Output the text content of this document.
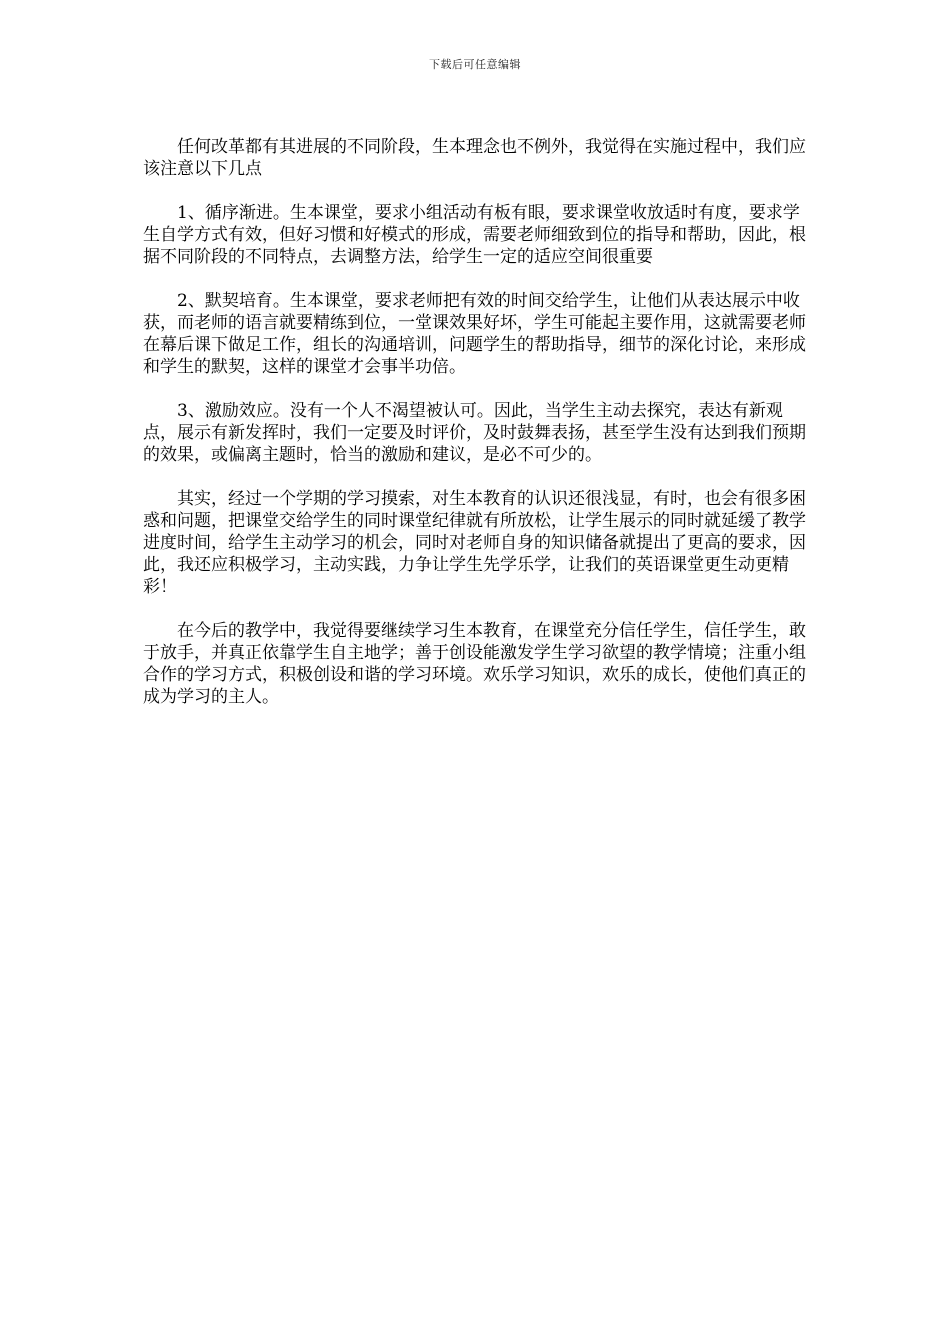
下载后可任意编辑

任何改革都有其进展的不同阶段，生本理念也不例外，我觉得在实施过程中，我们应该注意以下几点

1、循序渐进。生本课堂，要求小组活动有板有眼，要求课堂收放适时有度，要求学生自学方式有效，但好习惯和好模式的形成，需要老师细致到位的指导和帮助，因此，根据不同阶段的不同特点，去调整方法，给学生一定的适应空间很重要

2、默契培育。生本课堂，要求老师把有效的时间交给学生，让他们从表达展示中收获，而老师的语言就要精练到位，一堂课效果好坏，学生可能起主要作用，这就需要老师在幕后课下做足工作，组长的沟通培训，问题学生的帮助指导，细节的深化讨论，来形成和学生的默契，这样的课堂才会事半功倍。

3、激励效应。没有一个人不渴望被认可。因此，当学生主动去探究，表达有新观点，展示有新发挥时，我们一定要及时评价，及时鼓舞表扬，甚至学生没有达到我们预期的效果，或偏离主题时，恰当的激励和建议，是必不可少的。

其实，经过一个学期的学习摸索，对生本教育的认识还很浅显，有时，也会有很多困惑和问题，把课堂交给学生的同时课堂纪律就有所放松，让学生展示的同时就延缓了教学进度时间，给学生主动学习的机会，同时对老师自身的知识储备就提出了更高的要求，因此，我还应积极学习，主动实践，力争让学生先学乐学，让我们的英语课堂更生动更精彩！

在今后的教学中，我觉得要继续学习生本教育，在课堂充分信任学生，信任学生，敢于放手，并真正依靠学生自主地学；善于创设能激发学生学习欲望的教学情境；注重小组合作的学习方式，积极创设和谐的学习环境。欢乐学习知识，欢乐的成长，使他们真正的成为学习的主人。
